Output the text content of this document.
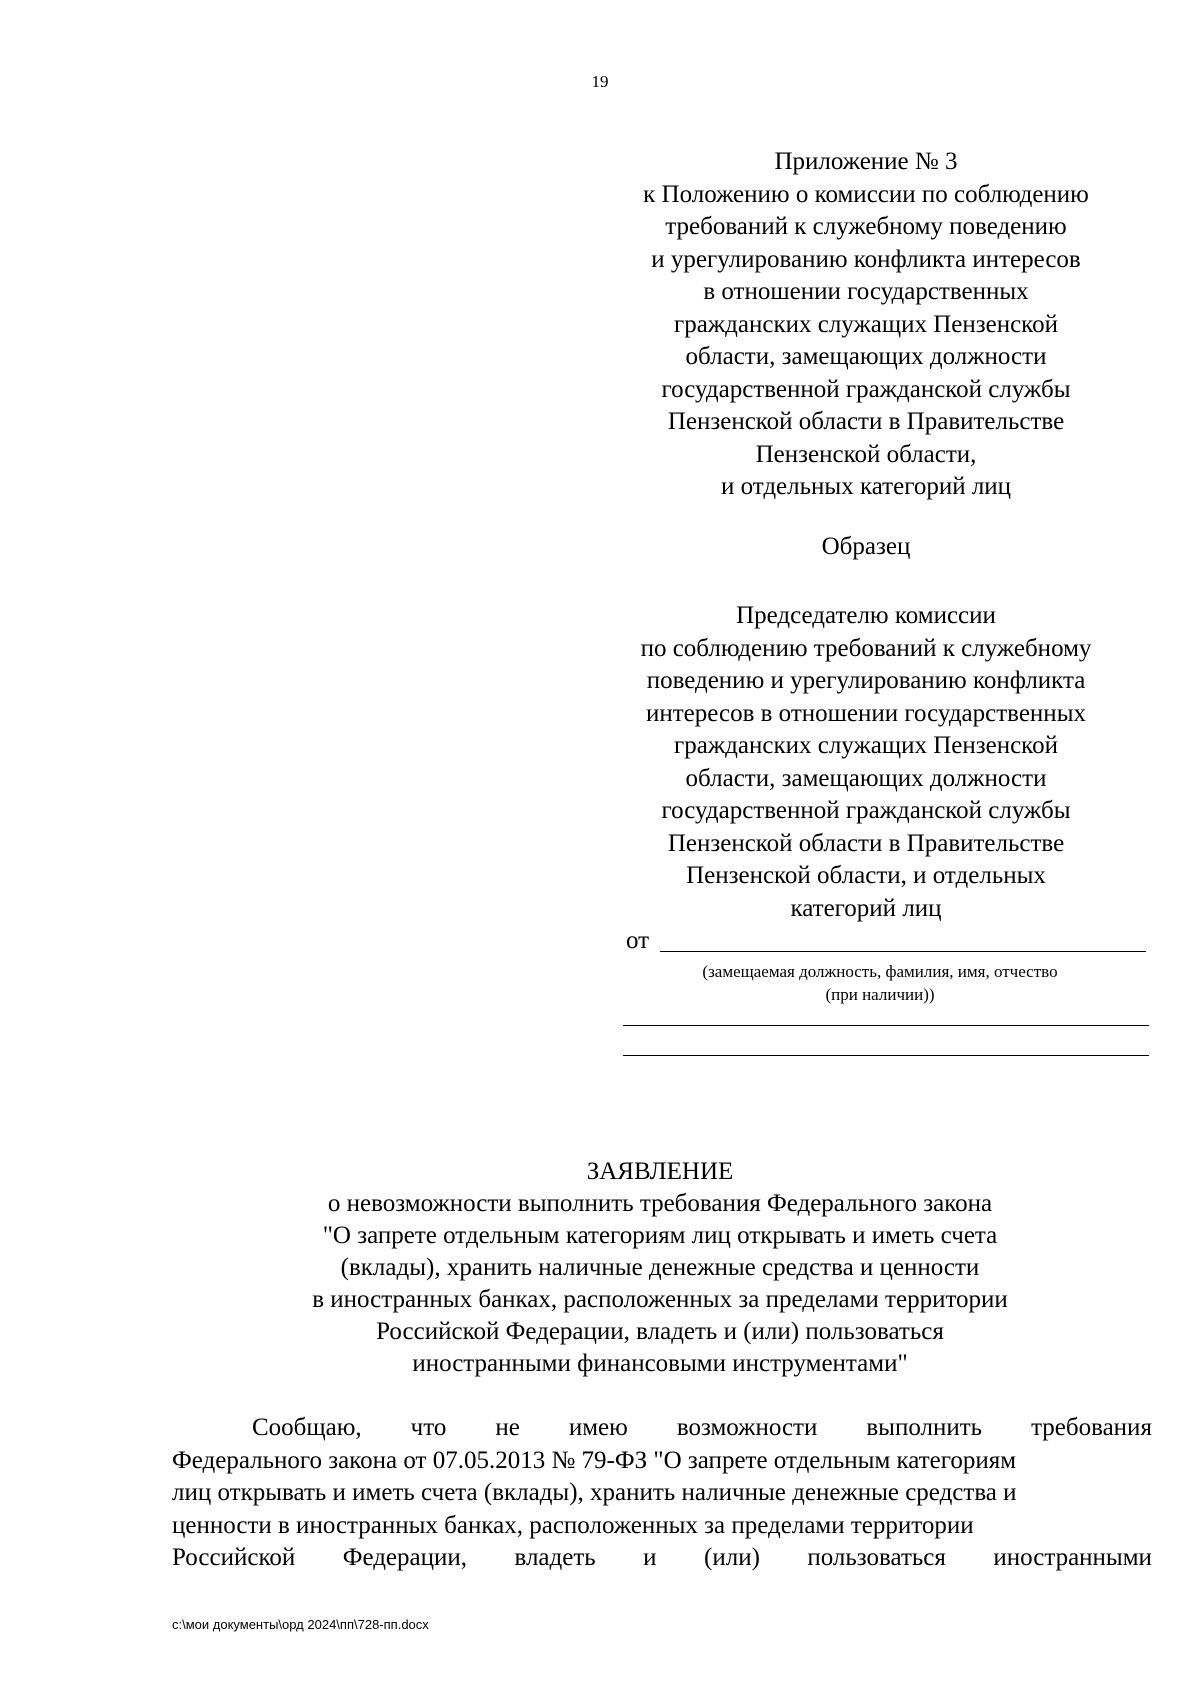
19
Приложение № 3
к Положению о комиссии по соблюдению
требований к служебному поведению
и урегулированию конфликта интересов
в отношении государственных
гражданских служащих Пензенской
области, замещающих должности
государственной гражданской службы
Пензенской области в Правительстве
Пензенской области,
и отдельных категорий лиц
Образец
Председателю комиссии
по соблюдению требований к служебному
поведению и урегулированию конфликта
интересов в отношении государственных
гражданских служащих Пензенской
области, замещающих должности
государственной гражданской службы
Пензенской области в Правительстве
Пензенской области, и отдельных
категорий лиц
от
(замещаемая должность, фамилия, имя, отчество
(при наличии))
ЗАЯВЛЕНИЕ
о невозможности выполнить требования Федерального закона
"О запрете отдельным категориям лиц открывать и иметь счета
(вклады), хранить наличные денежные средства и ценности
в иностранных банках, расположенных за пределами территории
Российской Федерации, владеть и (или) пользоваться
иностранными финансовыми инструментами"
Сообщаю, что не имею возможности выполнить требования
Федерального закона от 07.05.2013 № 79-ФЗ "О запрете отдельным категориям
лиц открывать и иметь счета (вклады), хранить наличные денежные средства и
ценности в иностранных банках, расположенных за пределами территории
Российской Федерации, владеть и (или) пользоваться иностранными
c:\мои документы\орд 2024\пп\728-пп.docx
